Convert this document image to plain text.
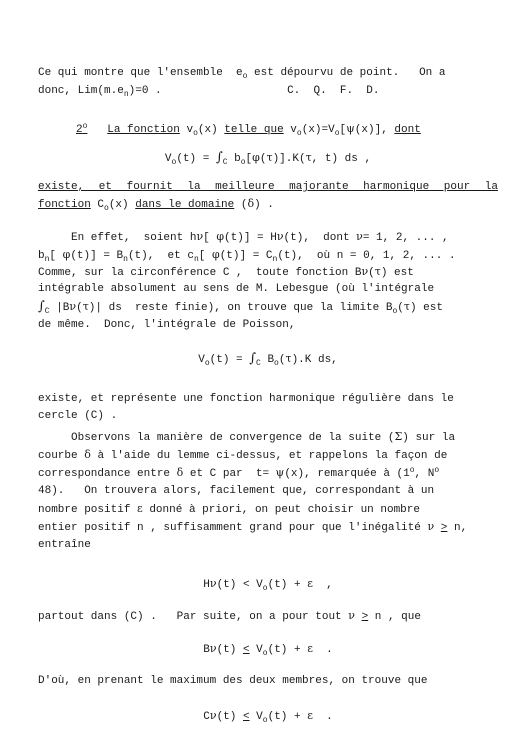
Ce qui montre que l'ensemble  $e_o$ est dépourvu de point.   On a

donc, $Lim(m.e_n)=0$ .                   C.  Q.  F.  D.

2$^o$ La fonction $v_o(x)$ telle que $v_o(x)=V_o[\psi(x)]$, dont

$V_o(t) = \int_C$ $b_o[\varphi(\tau)].K(\tau$, t) ds ,

existe, et fournit la meilleure majorante harmonique pour la

fonction $C_o(x)$ dans le domaine (δ) .

En effet,  soient hν[ φ(t)] = Hν(t),  dont ν= 1, 2, ... ,

$b_n$[ $\varphi(t)] = B_n(t)$,  et $c_n$[ $\varphi(t)] = C_n(t)$,  où n = 0, 1, 2, ... .

Comme, sur la circonférence C ,  toute fonction Bν(τ) est

intégrable absolument au sens de M. Lebesgue (où l'intégrale

$\int_C$ |Bν(τ)| ds  reste finie), on trouve que la limite $B_o(\tau)$ est

de même.  Donc, l'intégrale de Poisson,

$V_o(t) = \int_C$ $B_o(\tau).K$ ds,

existe, et représente une fonction harmonique régulière dans le

cercle (C) .

Observons la manière de convergence de la suite (Σ) sur la

courbe δ à l'aide du lemme ci-dessus, et rappelons la façon de

correspondance entre δ et C par  t= ψ(x), remarquée à (1$^o$, $N^o$

48).   On trouvera alors, facilement que, correspondant à un

nombre positif ε donné à priori, on peut choisir un nombre

entier positif n , suffisamment grand pour que l'inégalité ν > n,

entraîne

$H\nu(t) < V_o(t) + \varepsilon$  ,

partout dans (C) .   Par suite, on a pour tout ν > n , que

$B\nu(t) < V_o(t) + \varepsilon$  .

D'où, en prenant le maximum des deux membres, on trouve que

$C\nu(t) < V_o(t) + \varepsilon$  .
